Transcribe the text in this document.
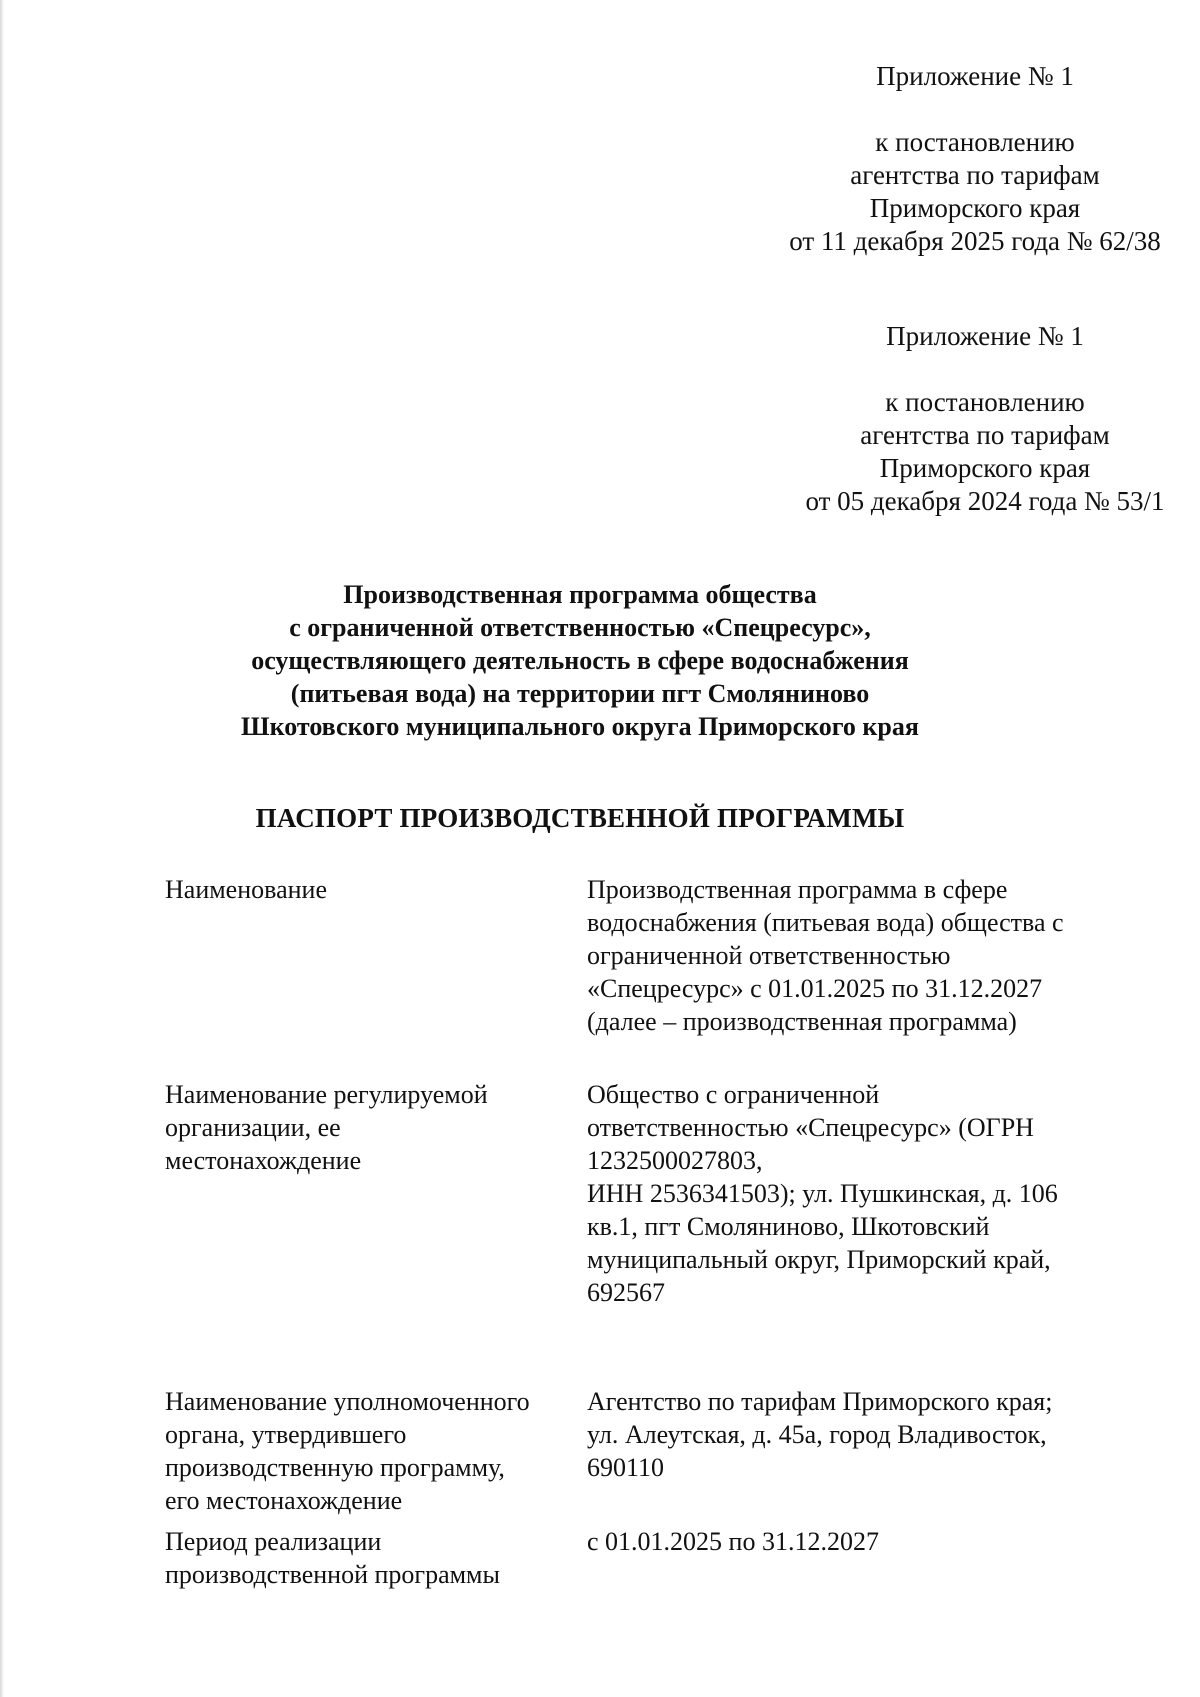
Приложение № 1
к постановлению
агентства по тарифам
Приморского края
от 11 декабря 2025 года № 62/38
Приложение № 1
к постановлению
агентства по тарифам
Приморского края
от 05 декабря 2024 года № 53/1
Производственная программа общества
с ограниченной ответственностью «Спецресурс»,
осуществляющего деятельность в сфере водоснабжения
(питьевая вода) на территории пгт Смоляниново
Шкотовского муниципального округа Приморского края
ПАСПОРТ ПРОИЗВОДСТВЕННОЙ ПРОГРАММЫ
Наименование	Производственная программа в сфере
водоснабжения (питьевая вода) общества с
ограниченной ответственностью
«Спецресурс» с 01.01.2025 по 31.12.2027
(далее – производственная программа)
Наименование регулируемой
организации, ее
местонахождение
Общество с ограниченной
ответственностью «Спецресурс» (ОГРН
1232500027803,
ИНН 2536341503); ул. Пушкинская, д. 106
кв.1, пгт Смоляниново, Шкотовский
муниципальный округ, Приморский край,
692567
Наименование уполномоченного
органа, утвердившего
производственную программу,
его местонахождение
Агентство по тарифам Приморского края;
ул. Алеутская, д. 45а, город Владивосток,
690110
Период реализации
производственной программы
с 01.01.2025 по 31.12.2027
